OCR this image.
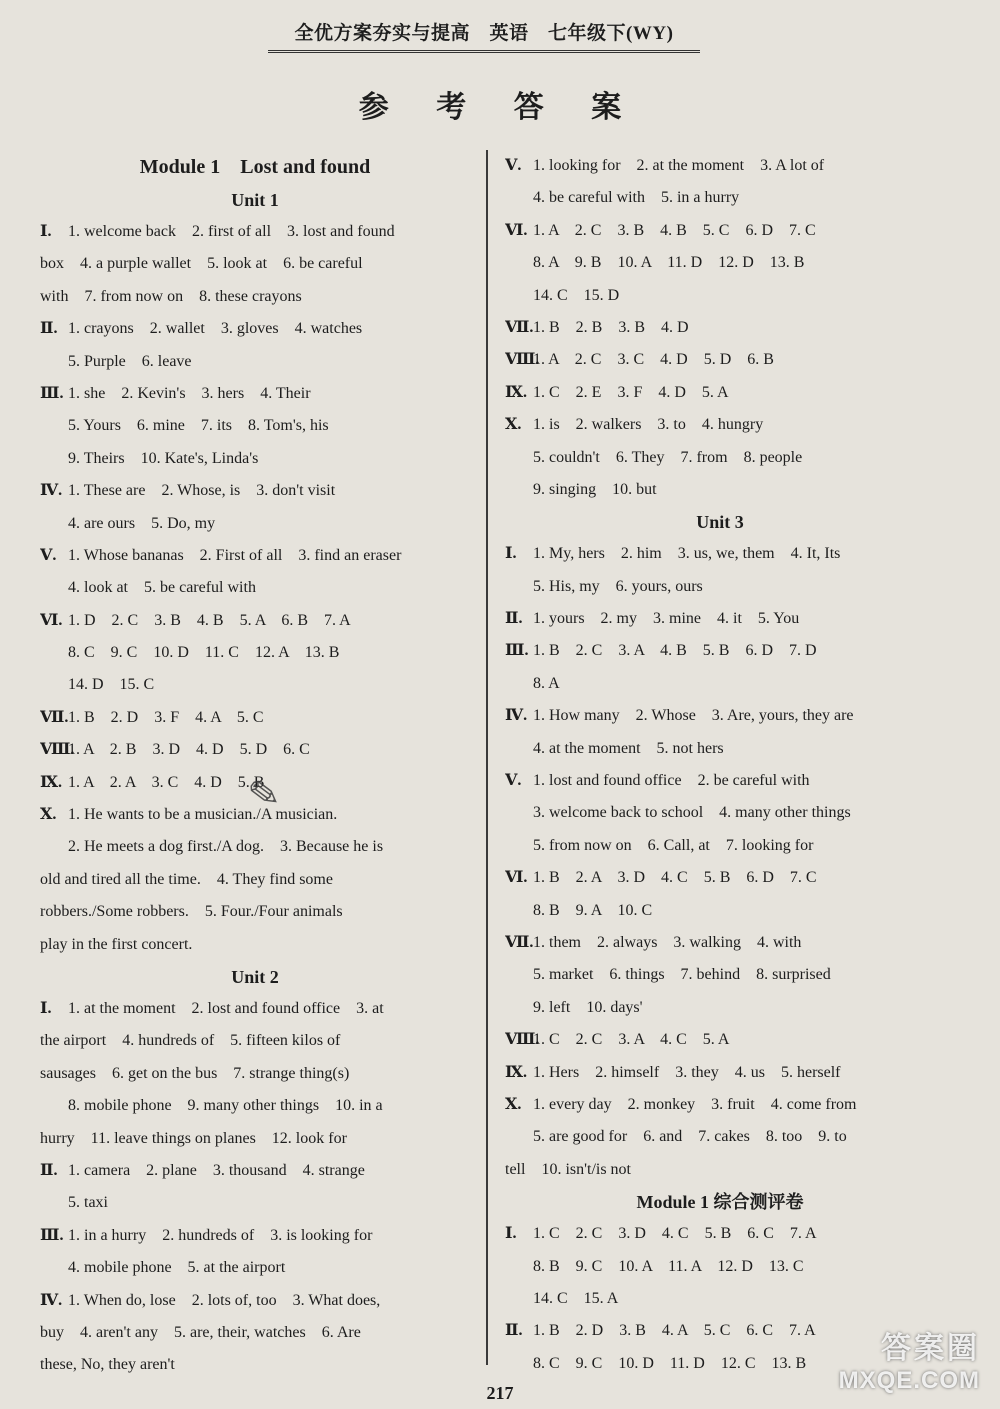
全优方案夯实与提高　英语　七年级下(WY)
参 考 答 案
Module 1　Lost and found
Unit 1
Ⅰ. 1. welcome back　2. first of all　3. lost and found
box　4. a purple wallet　5. look at　6. be careful
with　7. from now on　8. these crayons
Ⅱ. 1. crayons　2. wallet　3. gloves　4. watches
5. Purple　6. leave
Ⅲ. 1. she　2. Kevin's　3. hers　4. Their
5. Yours　6. mine　7. its　8. Tom's, his
9. Theirs　10. Kate's, Linda's
Ⅳ. 1. These are　2. Whose, is　3. don't visit
4. are ours　5. Do, my
Ⅴ. 1. Whose bananas　2. First of all　3. find an eraser
4. look at　5. be careful with
Ⅵ. 1. D　2. C　3. B　4. B　5. A　6. B　7. A
8. C　9. C　10. D　11. C　12. A　13. B
14. D　15. C
Ⅶ.1. B　2. D　3. F　4. A　5. C
Ⅷ.1. A　2. B　3. D　4. D　5. D　6. C
Ⅸ. 1. A　2. A　3. C　4. D　5. B
Ⅹ. 1. He wants to be a musician./A musician.
2. He meets a dog first./A dog.　3. Because he is
old and tired all the time.　4. They find some
robbers./Some robbers.　5. Four./Four animals
play in the first concert.
Unit 2
Ⅰ. 1. at the moment　2. lost and found office　3. at
the airport　4. hundreds of　5. fifteen kilos of
sausages　6. get on the bus　7. strange thing(s)
8. mobile phone　9. many other things　10. in a
hurry　11. leave things on planes　12. look for
Ⅱ. 1. camera　2. plane　3. thousand　4. strange
5. taxi
Ⅲ. 1. in a hurry　2. hundreds of　3. is looking for
4. mobile phone　5. at the airport
Ⅳ. 1. When do, lose　2. lots of, too　3. What does,
buy　4. aren't any　5. are, their, watches　6. Are
these, No, they aren't
Ⅴ. 1. looking for　2. at the moment　3. A lot of
4. be careful with　5. in a hurry
Ⅵ. 1. A　2. C　3. B　4. B　5. C　6. D　7. C
8. A　9. B　10. A　11. D　12. D　13. B
14. C　15. D
Ⅶ.1. B　2. B　3. B　4. D
Ⅷ.1. A　2. C　3. C　4. D　5. D　6. B
Ⅸ. 1. C　2. E　3. F　4. D　5. A
Ⅹ. 1. is　2. walkers　3. to　4. hungry
5. couldn't　6. They　7. from　8. people
9. singing　10. but
Unit 3
Ⅰ. 1. My, hers　2. him　3. us, we, them　4. It, Its
5. His, my　6. yours, ours
Ⅱ. 1. yours　2. my　3. mine　4. it　5. You
Ⅲ. 1. B　2. C　3. A　4. B　5. B　6. D　7. D
8. A
Ⅳ. 1. How many　2. Whose　3. Are, yours, they are
4. at the moment　5. not hers
Ⅴ. 1. lost and found office　2. be careful with
3. welcome back to school　4. many other things
5. from now on　6. Call, at　7. looking for
Ⅵ. 1. B　2. A　3. D　4. C　5. B　6. D　7. C
8. B　9. A　10. C
Ⅶ.1. them　2. always　3. walking　4. with
5. market　6. things　7. behind　8. surprised
9. left　10. days'
Ⅷ.1. C　2. C　3. A　4. C　5. A
Ⅸ. 1. Hers　2. himself　3. they　4. us　5. herself
Ⅹ. 1. every day　2. monkey　3. fruit　4. come from
5. are good for　6. and　7. cakes　8. too　9. to
tell　10. isn't/is not
Module 1 综合测评卷
Ⅰ. 1. C　2. C　3. D　4. C　5. B　6. C　7. A
8. B　9. C　10. A　11. A　12. D　13. C
14. C　15. A
Ⅱ. 1. B　2. D　3. B　4. A　5. C　6. C　7. A
8. C　9. C　10. D　11. D　12. C　13. B
✎
217
答案圈
MXQE.COM
